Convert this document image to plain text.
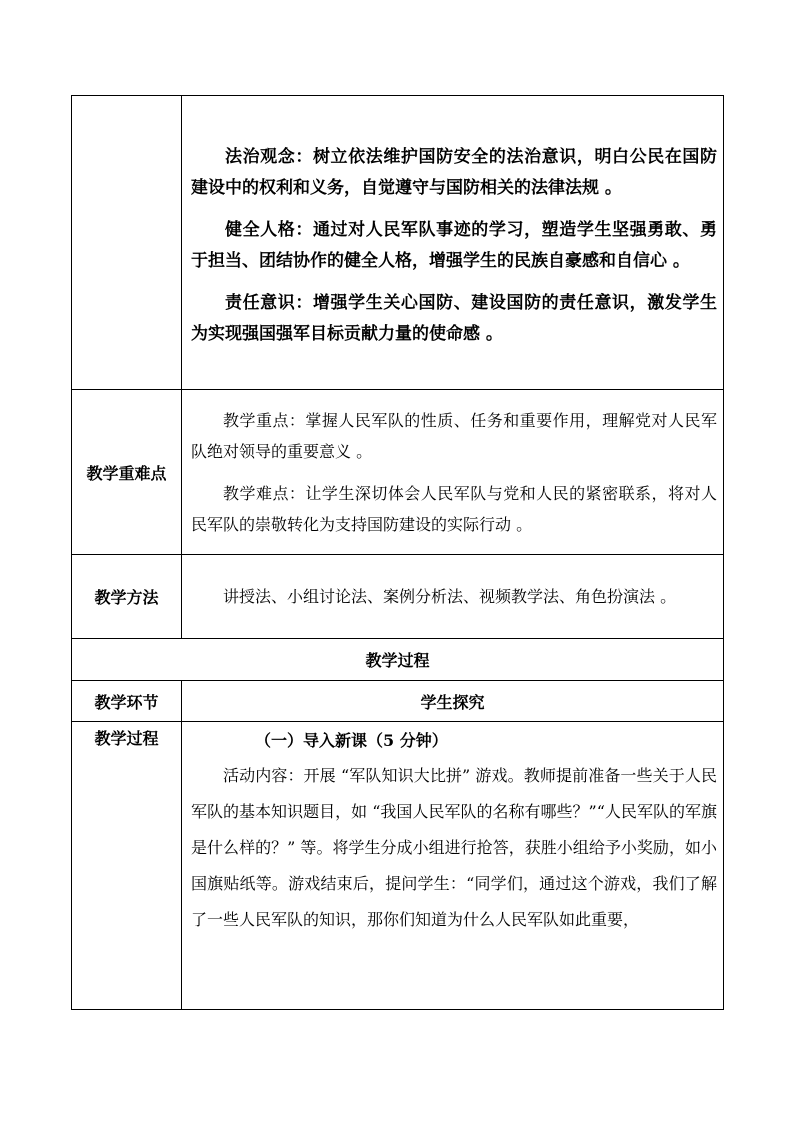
	法治观念：树立依法维护国防安全的法治意识，明白公民在国防建设中的权利和义务，自觉遵守与国防相关的法律法规 。

健全人格：通过对人民军队事迹的学习，塑造学生坚强勇敢、勇于担当、团结协作的健全人格，增强学生的民族自豪感和自信心 。

责任意识：增强学生关心国防、建设国防的责任意识，激发学生为实现强国强军目标贡献力量的使命感 。

教学重难点	教学重点：掌握人民军队的性质、任务和重要作用，理解党对人民军队绝对领导的重要意义 。

教学难点：让学生深切体会人民军队与党和人民的紧密联系，将对人民军队的崇敬转化为支持国防建设的实际行动 。

教学方法	讲授法、小组讨论法、案例分析法、视频教学法、角色扮演法 。

教学过程	
教学环节	学生探究
教学过程	（一）导入新课（5 分钟）

活动内容：开展 “军队知识大比拼” 游戏。教师提前准备一些关于人民军队的基本知识题目，如 “我国人民军队的名称有哪些？”“人民军队的军旗是什么样的？” 等。将学生分成小组进行抢答，获胜小组给予小奖励，如小国旗贴纸等。游戏结束后，提问学生：“同学们，通过这个游戏，我们了解了一些人民军队的知识，那你们知道为什么人民军队如此重要，
